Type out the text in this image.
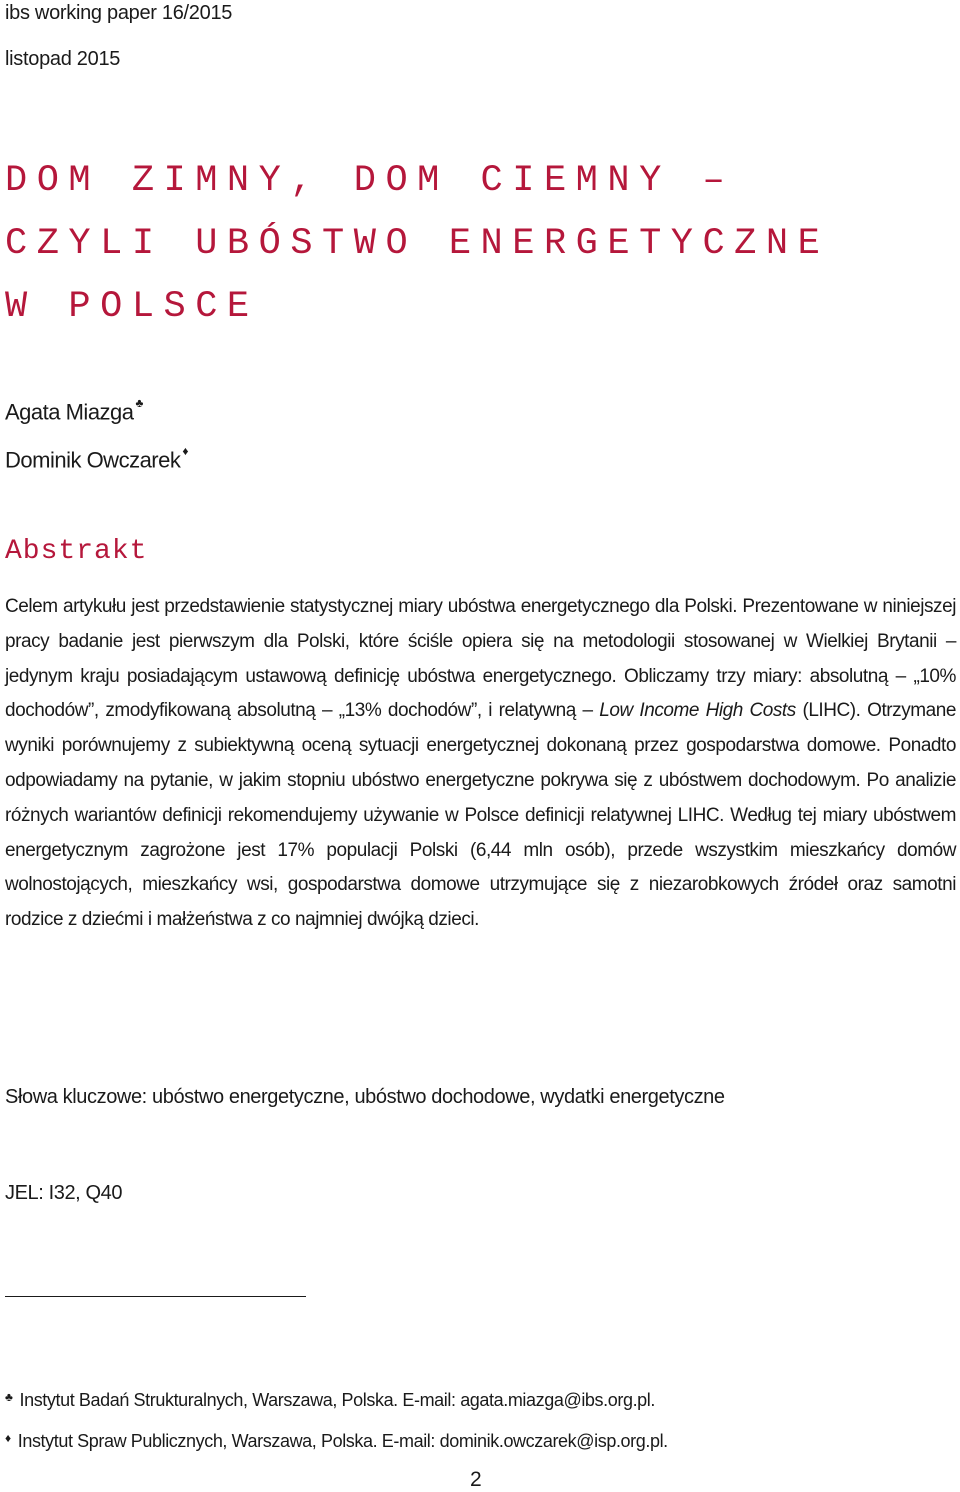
ibs working paper 16/2015
listopad 2015
DOM ZIMNY, DOM CIEMNY –
CZYLI UBÓSTWO ENERGETYCZNE
W POLSCE
Agata Miazga ♣
Dominik Owczarek ♦
Abstrakt

Celem artykułu jest przedstawienie statystycznej miary ubóstwa energetycznego dla Polski. Prezentowane w niniejszej pracy badanie jest pierwszym dla Polski, które ściśle opiera się na metodologii stosowanej w Wielkiej Brytanii – jedynym kraju posiadającym ustawową definicję ubóstwa energetycznego. Obliczamy trzy miary: absolutną – „10% dochodów”, zmodyfikowaną absolutną – „13% dochodów”, i relatywną – Low Income High Costs (LIHC). Otrzymane wyniki porównujemy z subiektywną oceną sytuacji energetycznej dokonaną przez gospodarstwa domowe. Ponadto odpowiadamy na pytanie, w jakim stopniu ubóstwo energetyczne pokrywa się z ubóstwem dochodowym. Po analizie różnych wariantów definicji rekomendujemy używanie w Polsce definicji relatywnej LIHC. Według tej miary ubóstwem energetycznym zagrożone jest 17% populacji Polski (6,44 mln osób), przede wszystkim mieszkańcy domów wolnostojących, mieszkańcy wsi, gospodarstwa domowe utrzymujące się z niezarobkowych źródeł oraz samotni rodzice z dziećmi i małżeństwa z co najmniej dwójką dzieci.

Słowa kluczowe: ubóstwo energetyczne, ubóstwo dochodowe, wydatki energetyczne
JEL: I32, Q40
♣ Instytut Badań Strukturalnych, Warszawa, Polska. E-mail: agata.miazga@ibs.org.pl.
♦ Instytut Spraw Publicznych, Warszawa, Polska. E-mail: dominik.owczarek@isp.org.pl.
2
